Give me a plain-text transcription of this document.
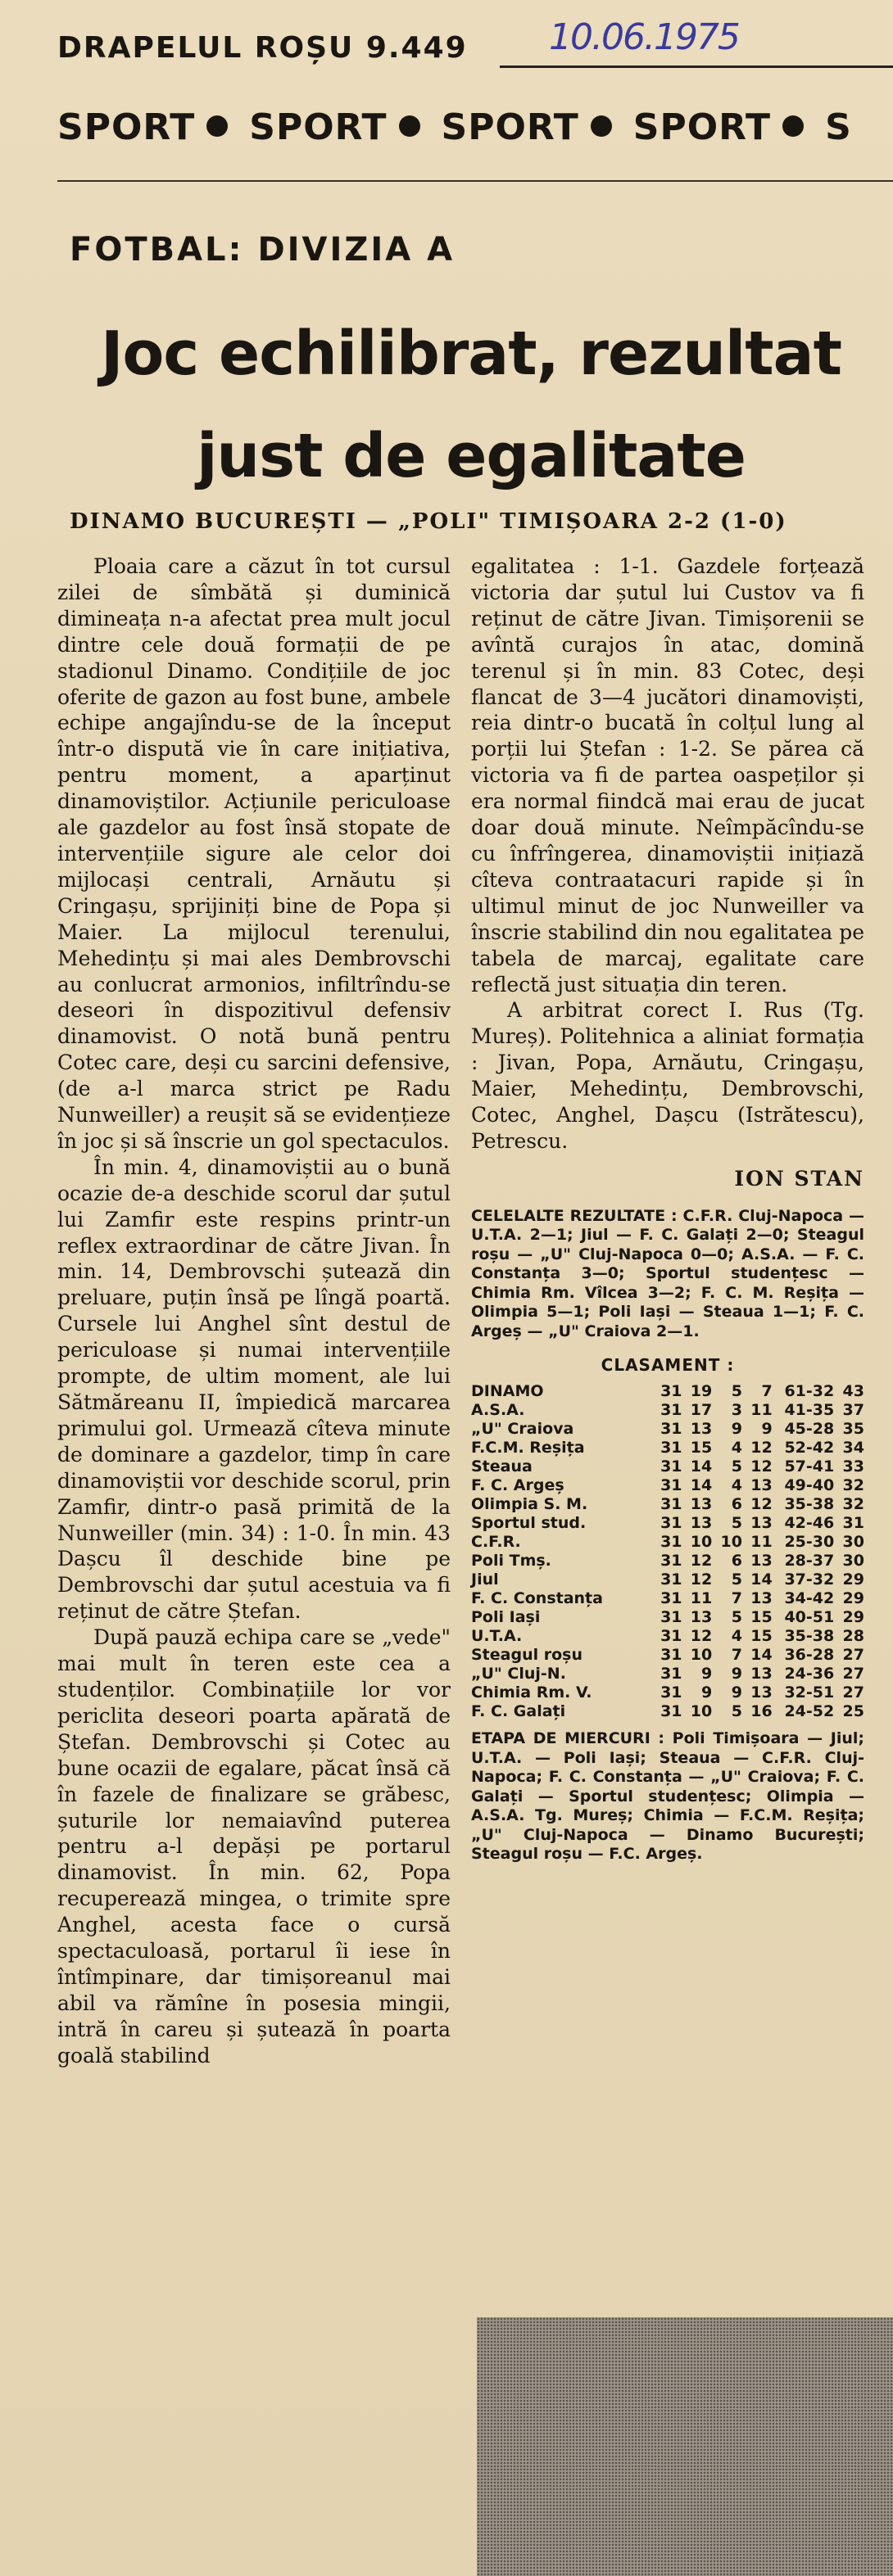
DRAPELUL ROȘU 9.449 10.06.1975
SPORT SPORT SPORT SPORT S
FOTBAL: DIVIZIA A
Joc echilibrat, rezultat
just de egalitate
DINAMO BUCUREȘTI — „POLI" TIMIȘOARA 2-2 (1-0)

Ploaia care a căzut în tot cursul zilei de sîmbătă și duminică dimineața n-a afectat prea mult jocul dintre cele două formații de pe stadionul Dinamo. Condițiile de joc oferite de gazon au fost bune, ambele echipe angajîndu-se de la început într-o dispută vie în care inițiativa, pentru moment, a aparținut dinamoviștilor. Acțiunile periculoase ale gazdelor au fost însă stopate de intervențiile sigure ale celor doi mijlocași centrali, Arnăutu și Cringașu, sprijiniți bine de Popa și Maier. La mijlocul terenului, Mehedințu și mai ales Dembrovschi au conlucrat armonios, infiltrîndu-se deseori în dispozitivul defensiv dinamovist. O notă bună pentru Cotec care, deși cu sarcini defensive, (de a-l marca strict pe Radu Nunweiller) a reușit să se evidențieze în joc și să înscrie un gol spectaculos.

În min. 4, dinamoviștii au o bună ocazie de-a deschide scorul dar șutul lui Zamfir este respins printr-un reflex extraordinar de către Jivan. În min. 14, Dembrovschi șutează din preluare, puțin însă pe lîngă poartă. Cursele lui Anghel sînt destul de periculoase și numai intervențiile prompte, de ultim moment, ale lui Sătmăreanu II, împiedică marcarea primului gol. Urmează cîteva minute de dominare a gazdelor, timp în care dinamoviștii vor deschide scorul, prin Zamfir, dintr-o pasă primită de la Nunweiller (min. 34) : 1-0. În min. 43 Dașcu îl deschide bine pe Dembrovschi dar șutul acestuia va fi reținut de către Ștefan.

După pauză echipa care se „vede" mai mult în teren este cea a studenților. Combinațiile lor vor periclita deseori poarta apărată de Ștefan. Dembrovschi și Cotec au bune ocazii de egalare, păcat însă că în fazele de finalizare se grăbesc, șuturile lor nemaiavînd puterea pentru a-l depăși pe portarul dinamovist. În min. 62, Popa recuperează mingea, o trimite spre Anghel, acesta face o cursă spectaculoasă, portarul îi iese în întîmpinare, dar timișoreanul mai abil va rămîne în posesia mingii, intră în careu și șutează în poarta goală stabilind

egalitatea : 1-1. Gazdele forțează victoria dar șutul lui Custov va fi reținut de către Jivan. Timișorenii se avîntă curajos în atac, domină terenul și în min. 83 Cotec, deși flancat de 3—4 jucători dinamoviști, reia dintr-o bucată în colțul lung al porții lui Ștefan : 1-2. Se părea că victoria va fi de partea oaspeților și era normal fiindcă mai erau de jucat doar două minute. Neîmpăcîndu-se cu înfrîngerea, dinamoviștii inițiază cîteva contraatacuri rapide și în ultimul minut de joc Nunweiller va înscrie stabilind din nou egalitatea pe tabela de marcaj, egalitate care reflectă just situația din teren.

A arbitrat corect I. Rus (Tg. Mureș). Politehnica a aliniat formația : Jivan, Popa, Arnăutu, Cringașu, Maier, Mehedințu, Dembrovschi, Cotec, Anghel, Dașcu (Istrătescu), Petrescu.

ION STAN
CELELALTE REZULTATE : C.F.R. Cluj-Napoca — U.T.A. 2—1; Jiul — F. C. Galați 2—0; Steagul roșu — „U" Cluj-Napoca 0—0; A.S.A. — F. C. Constanța 3—0; Sportul studențesc — Chimia Rm. Vîlcea 3—2; F. C. M. Reșița — Olimpia 5—1; Poli Iași — Steaua 1—1; F. C. Argeș — „U" Craiova 2—1.
CLASAMENT :
DINAMO	31	19	5	7	61-32	43
A.S.A.	31	17	3	11	41-35	37
„U" Craiova	31	13	9	9	45-28	35
F.C.M. Reșița	31	15	4	12	52-42	34
Steaua	31	14	5	12	57-41	33
F. C. Argeș	31	14	4	13	49-40	32
Olimpia S. M.	31	13	6	12	35-38	32
Sportul stud.	31	13	5	13	42-46	31
C.F.R.	31	10	10	11	25-30	30
Poli Tmș.	31	12	6	13	28-37	30
Jiul	31	12	5	14	37-32	29
F. C. Constanța	31	11	7	13	34-42	29
Poli Iași	31	13	5	15	40-51	29
U.T.A.	31	12	4	15	35-38	28
Steagul roșu	31	10	7	14	36-28	27
„U" Cluj-N.	31	9	9	13	24-36	27
Chimia Rm. V.	31	9	9	13	32-51	27
F. C. Galați	31	10	5	16	24-52	25
ETAPA DE MIERCURI : Poli Timișoara — Jiul; U.T.A. — Poli Iași; Steaua — C.F.R. Cluj-Napoca; F. C. Constanța — „U" Craiova; F. C. Galați — Sportul studențesc; Olimpia — A.S.A. Tg. Mureș; Chimia — F.C.M. Reșița; „U" Cluj-Napoca — Dinamo București; Steagul roșu — F.C. Argeș.
